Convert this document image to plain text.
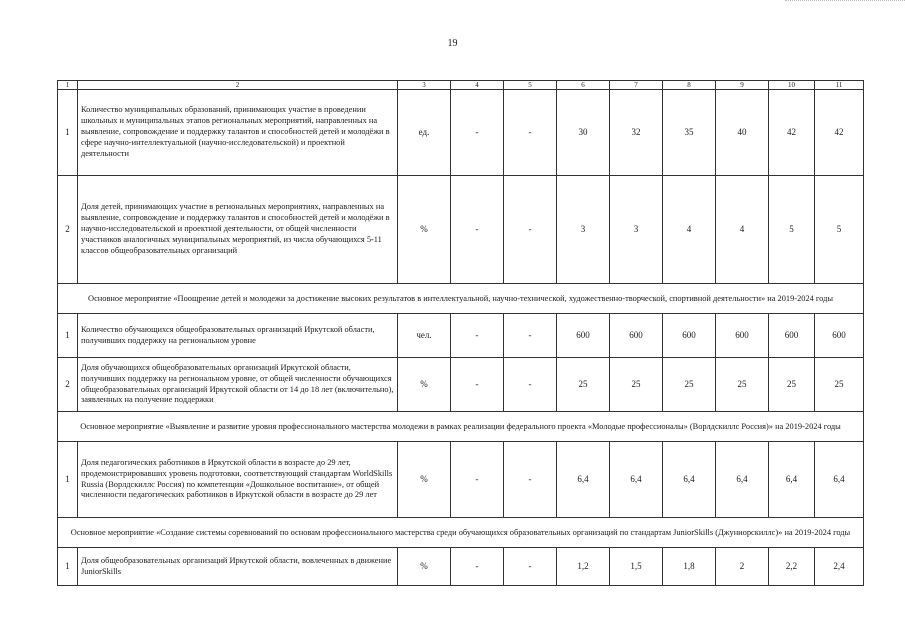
19
1	2	3	4	5	6	7	8	9	10	11
1	Количество муниципальных образований, принимающих участие в проведении школьных и муниципальных этапов региональных мероприятий, направленных на выявление, сопровождение и поддержку талантов и способностей детей и молодёжи в сфере научно-интеллектуальной (научно-исследовательской) и проектной деятельности	ед.	-	-	30	32	35	40	42	42
2	Доля детей, принимающих участие в региональных мероприятиях, направленных на выявление, сопровождение и поддержку талантов и способностей детей и молодёжи в научно-исследовательской и проектной деятельности, от общей численности участников аналогичных муниципальных мероприятий, из числа обучающихся 5-11 классов общеобразовательных организаций	%	-	-	3	3	4	4	5	5
Основное мероприятие «Поощрение детей и молодежи за достижение высоких результатов в интеллектуальной, научно-технической, художественно-творческой, спортивной деятельности» на 2019-2024 годы										
1	Количество обучающихся общеобразовательных организаций Иркутской области, получивших поддержку на региональном уровне	чел.	-	-	600	600	600	600	600	600
2	Доля обучающихся общеобразовательных организаций Иркутской области, получивших поддержку на региональном уровне, от общей численности обучающихся общеобразовательных организаций Иркутской области от 14 до 18 лет (включительно), заявленных на получение поддержки	%	-	-	25	25	25	25	25	25
Основное мероприятие «Выявление и развитие уровня профессионального мастерства молодежи в рамках реализации федерального проекта «Молодые профессионалы» (Ворлдскиллс Россия)» на 2019-2024 годы										
1	Доля педагогических работников в Иркутской области в возрасте до 29 лет, продемонстрировавших уровень подготовки, соответствующий стандартам WorldSkills Russia (Ворлдскиллс Россия) по компетенции «Дошкольное воспитание», от общей численности педагогических работников в Иркутской области в возрасте до 29 лет	%	-	-	6,4	6,4	6,4	6,4	6,4	6,4
Основное мероприятие «Создание системы соревнований по основам профессионального мастерства среди обучающихся образовательных организаций по стандартам JuniorSkills (Джуниорскиллс)» на 2019-2024 годы										
1	Доля общеобразовательных организаций Иркутской области, вовлеченных в движение JuniorSkills	%	-	-	1,2	1,5	1,8	2	2,2	2,4
